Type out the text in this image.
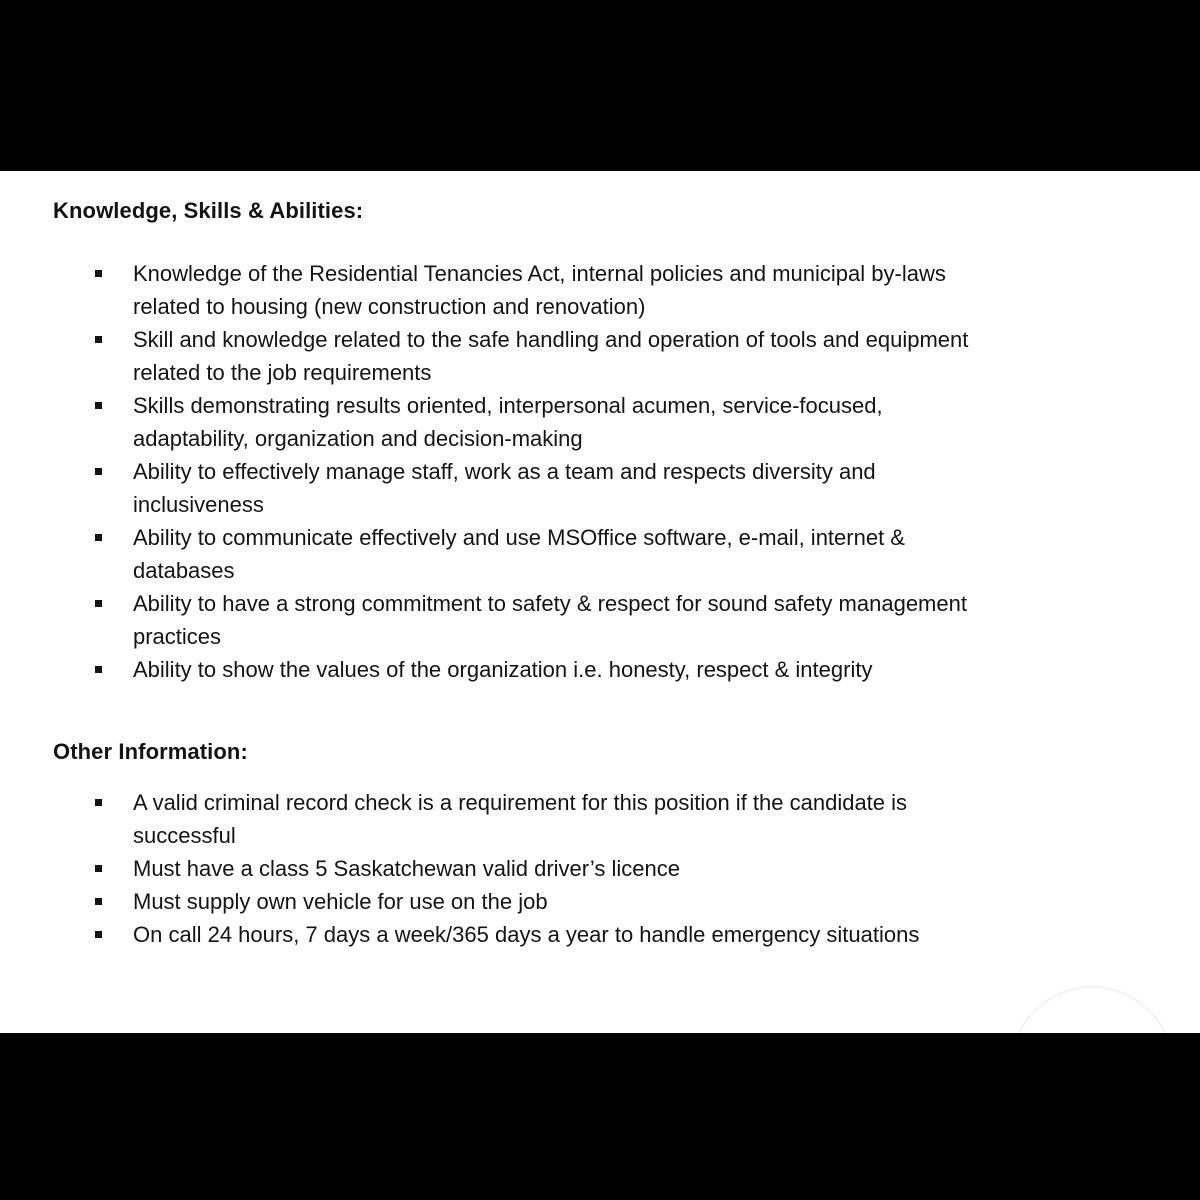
Knowledge, Skills & Abilities:
Knowledge of the Residential Tenancies Act, internal policies and municipal by-laws
related to housing (new construction and renovation)
Skill and knowledge related to the safe handling and operation of tools and equipment
related to the job requirements
Skills demonstrating results oriented, interpersonal acumen, service-focused,
adaptability, organization and decision-making
Ability to effectively manage staff, work as a team and respects diversity and
inclusiveness
Ability to communicate effectively and use MSOffice software, e-mail, internet &
databases
Ability to have a strong commitment to safety & respect for sound safety management
practices
Ability to show the values of the organization i.e. honesty, respect & integrity
Other Information:
A valid criminal record check is a requirement for this position if the candidate is
successful
Must have a class 5 Saskatchewan valid driver’s licence
Must supply own vehicle for use on the job
On call 24 hours, 7 days a week/365 days a year to handle emergency situations
